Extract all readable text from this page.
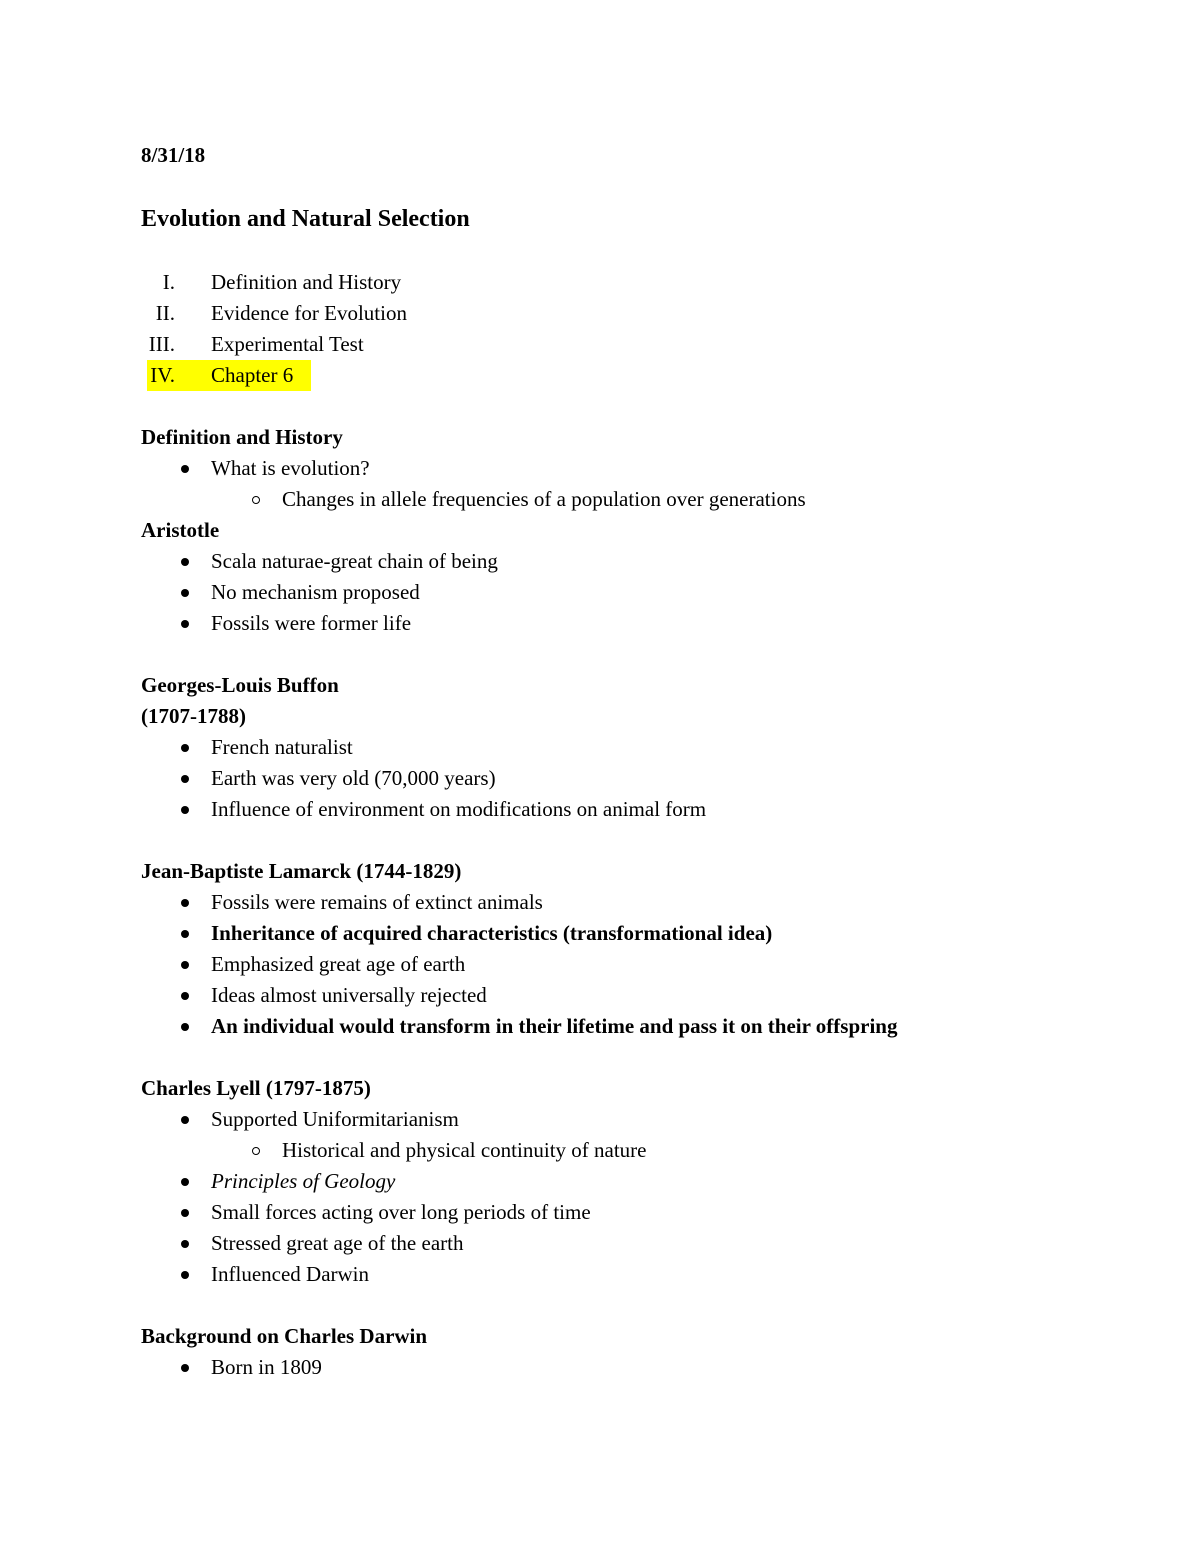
8/31/18
Evolution and Natural Selection
I. Definition and History
II. Evidence for Evolution
III. Experimental Test
IV. Chapter 6
Definition and History
What is evolution?
Changes in allele frequencies of a population over generations
Aristotle
Scala naturae-great chain of being
No mechanism proposed
Fossils were former life
Georges-Louis Buffon
(1707-1788)
French naturalist
Earth was very old (70,000 years)
Influence of environment on modifications on animal form
Jean-Baptiste Lamarck (1744-1829)
Fossils were remains of extinct animals
Inheritance of acquired characteristics (transformational idea)
Emphasized great age of earth
Ideas almost universally rejected
An individual would transform in their lifetime and pass it on their offspring
Charles Lyell (1797-1875)
Supported Uniformitarianism
Historical and physical continuity of nature
Principles of Geology
Small forces acting over long periods of time
Stressed great age of the earth
Influenced Darwin
Background on Charles Darwin
Born in 1809
